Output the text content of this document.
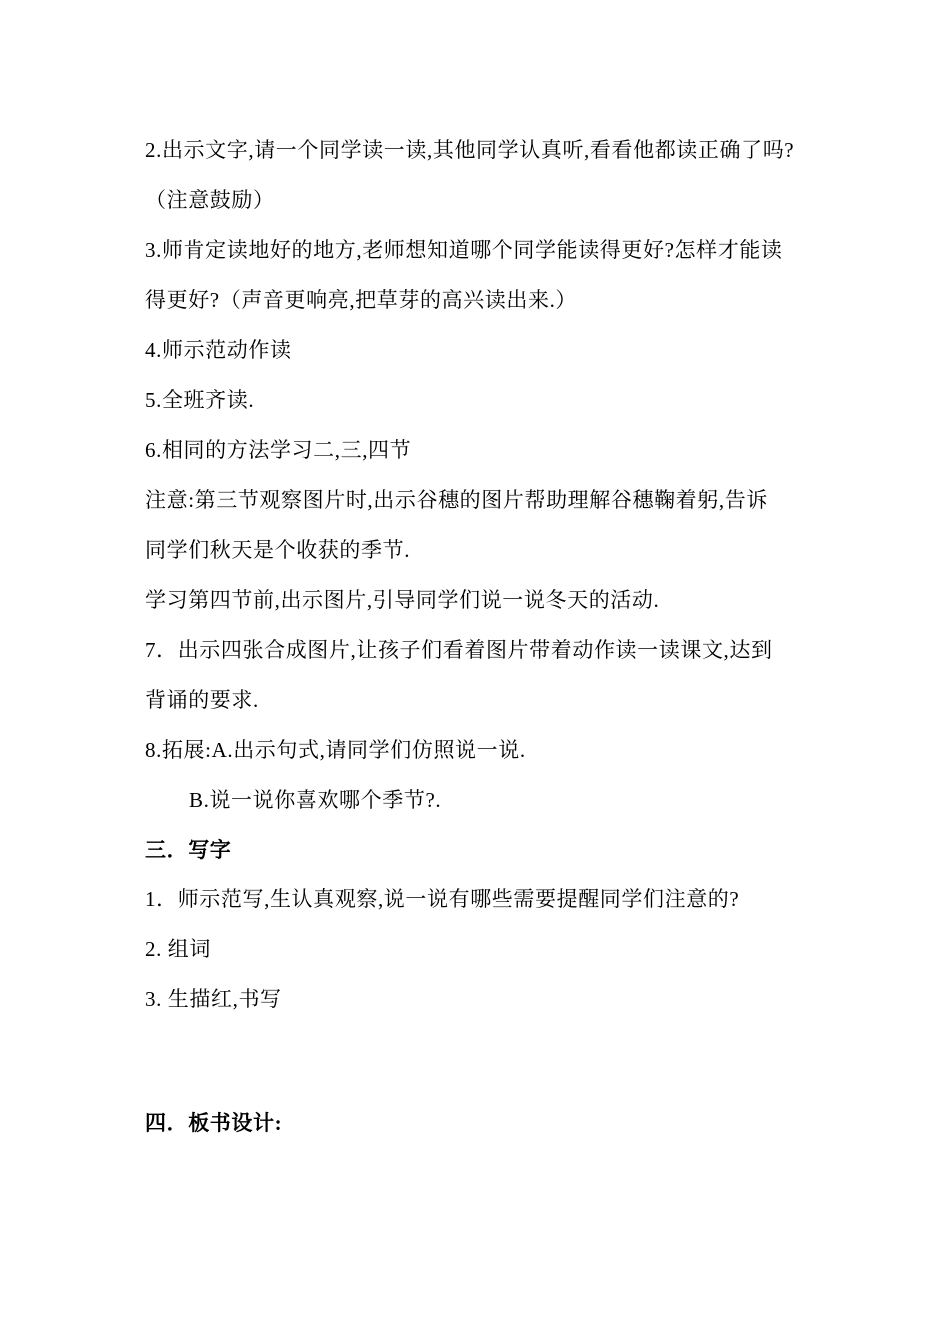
2.出示文字,请一个同学读一读,其他同学认真听,看看他都读正确了吗?
（注意鼓励）
3.师肯定读地好的地方,老师想知道哪个同学能读得更好?怎样才能读
得更好?（声音更响亮,把草芽的高兴读出来.）
4.师示范动作读
5.全班齐读.
6.相同的方法学习二,三,四节
注意:第三节观察图片时,出示谷穗的图片帮助理解谷穗鞠着躬,告诉
同学们秋天是个收获的季节.
学习第四节前,出示图片,引导同学们说一说冬天的活动.
7．出示四张合成图片,让孩子们看着图片带着动作读一读课文,达到
背诵的要求.
8.拓展:A.出示句式,请同学们仿照说一说.
B.说一说你喜欢哪个季节?.
三．写字
1．师示范写,生认真观察,说一说有哪些需要提醒同学们注意的?
2. 组词
3. 生描红,书写
四．板书设计:
